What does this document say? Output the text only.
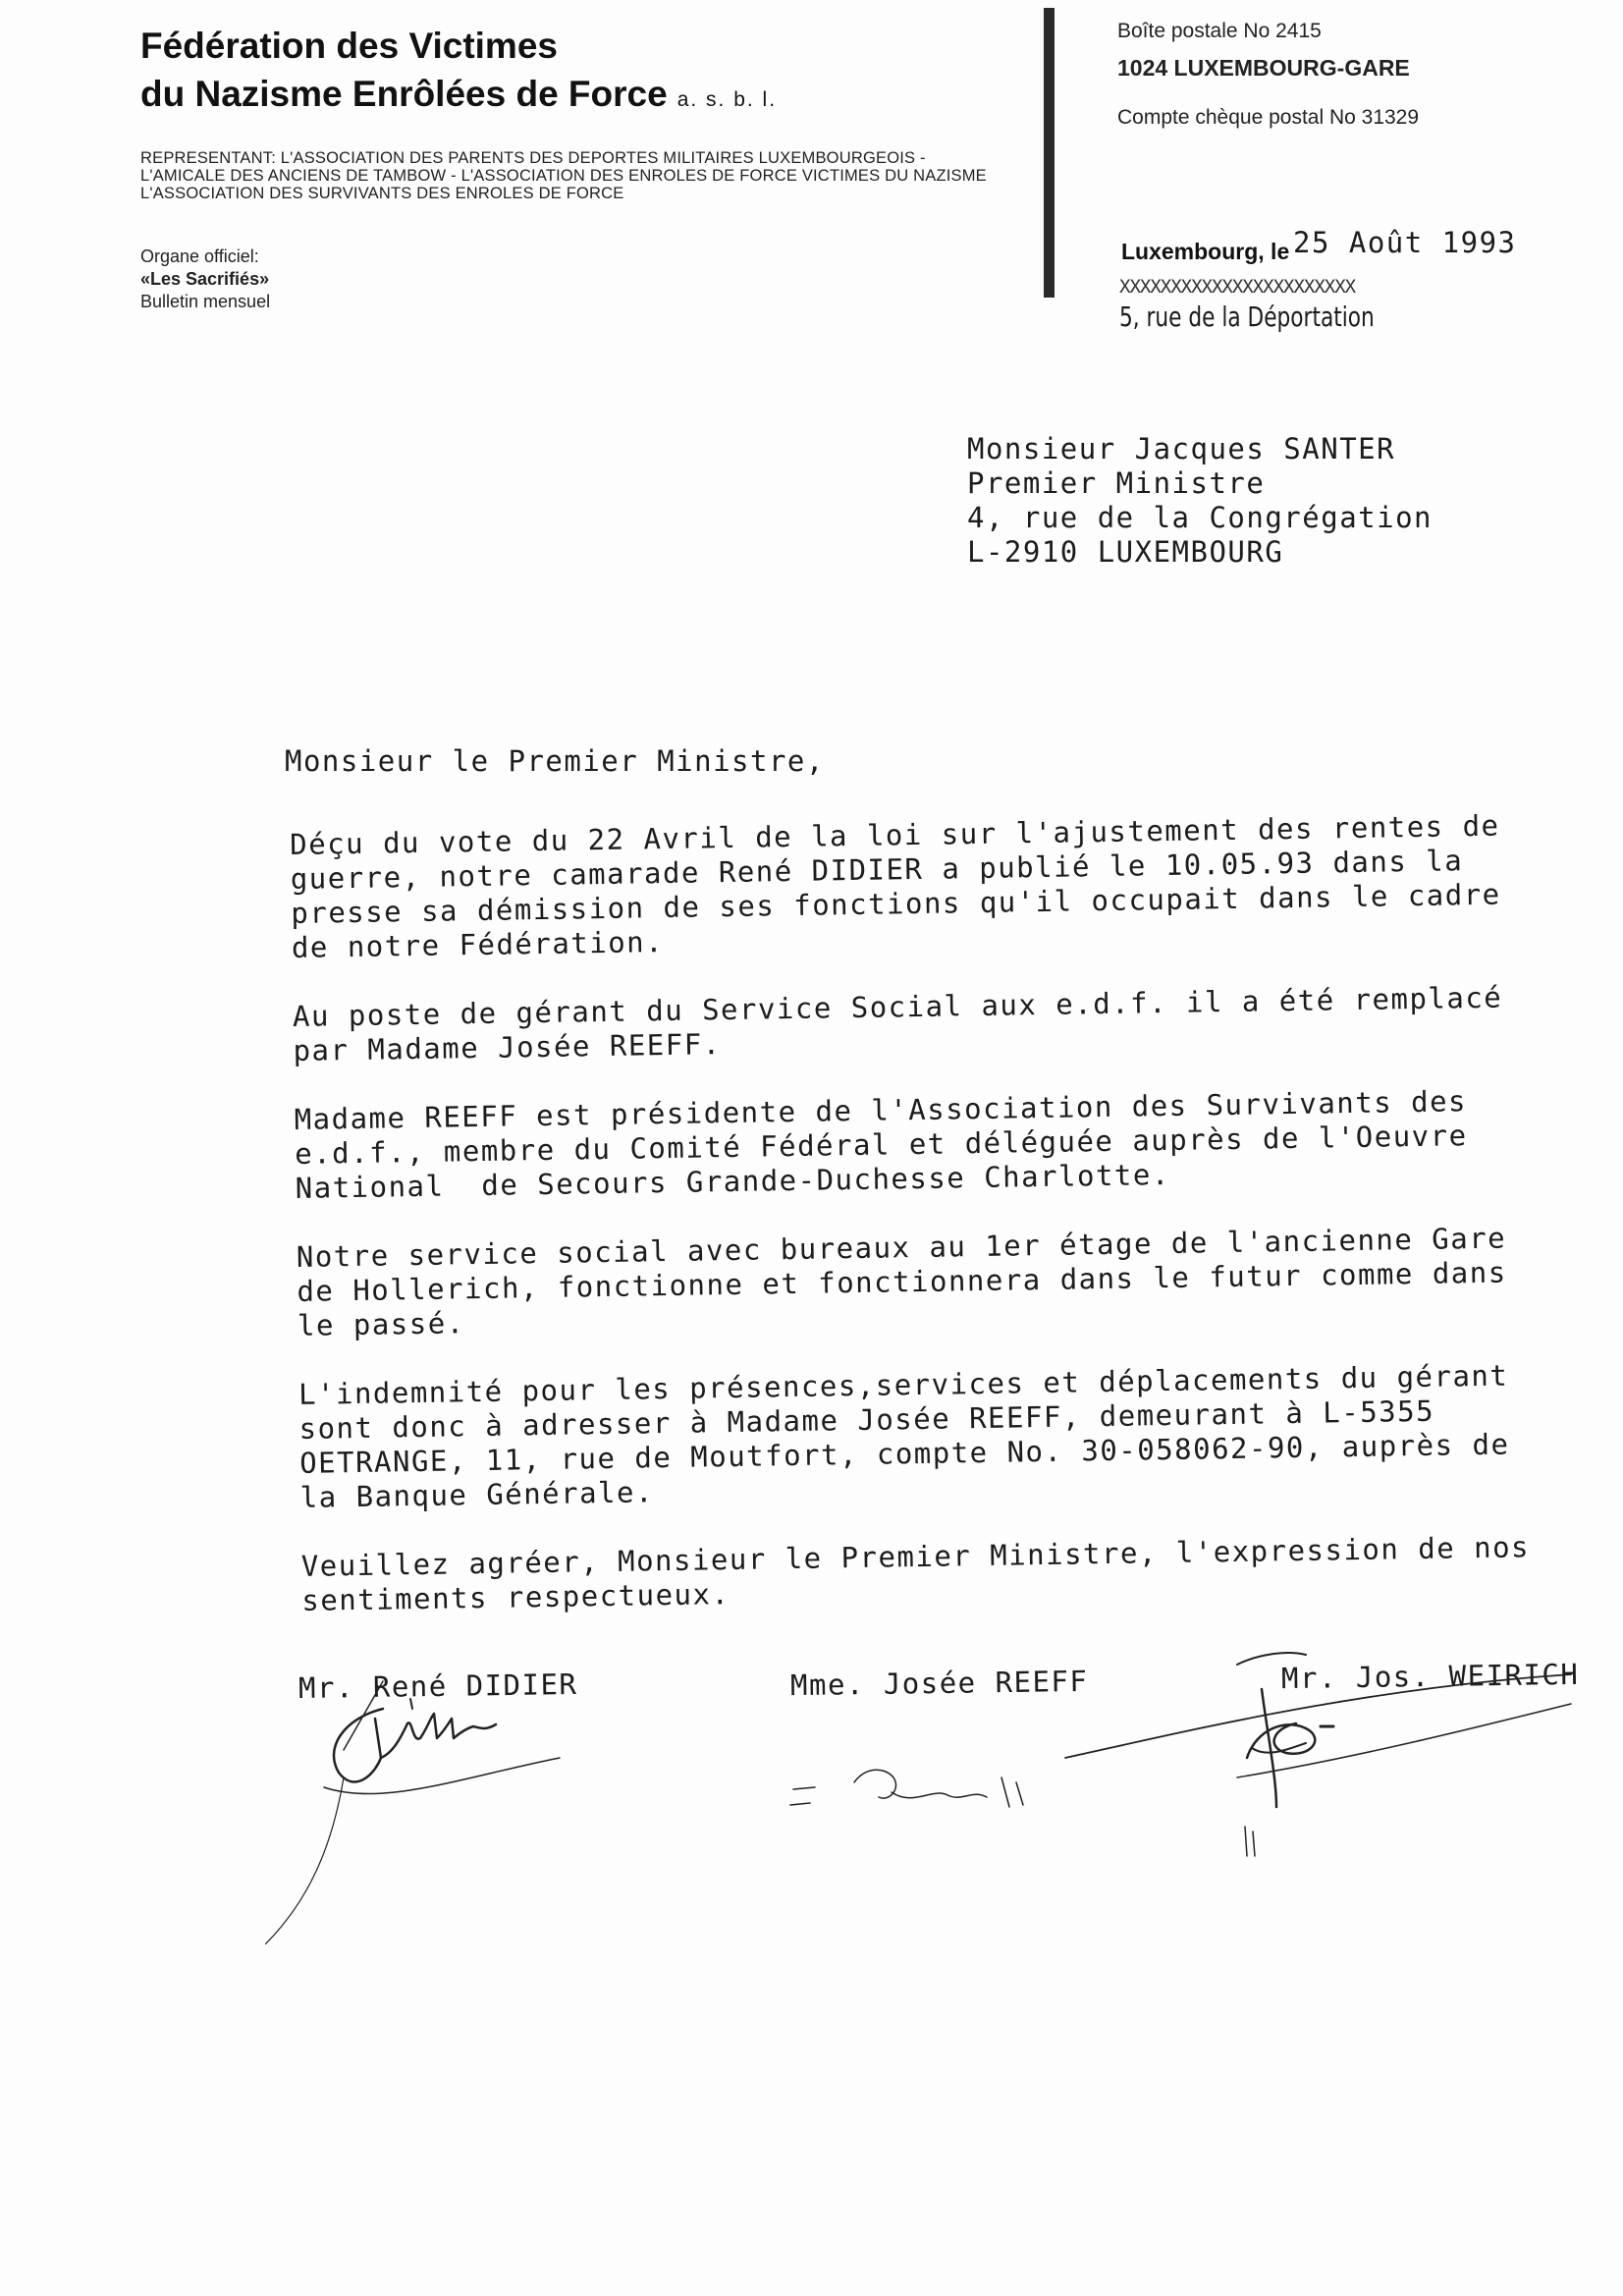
Fédération des Victimes
du Nazisme Enrôlées de Force a. s. b. l.
REPRESENTANT: L'ASSOCIATION DES PARENTS DES DEPORTES MILITAIRES LUXEMBOURGEOIS -
L'AMICALE DES ANCIENS DE TAMBOW - L'ASSOCIATION DES ENROLES DE FORCE VICTIMES DU NAZISME
L'ASSOCIATION DES SURVIVANTS DES ENROLES DE FORCE
Organe officiel:
«Les Sacrifiés»
Bulletin mensuel
Boîte postale No 2415
1024 LUXEMBOURG-GARE
Compte chèque postal No 31329
Luxembourg, le 25 Août 1993
XXXXXXXXXXXXXXXXXXXXXXX
5, rue de la Déportation
Monsieur Jacques SANTER
Premier Ministre
4, rue de la Congrégation
L-2910 LUXEMBOURG
Monsieur le Premier Ministre,

Déçu du vote du 22 Avril de la loi sur l'ajustement des rentes de
guerre, notre camarade René DIDIER a publié le 10.05.93 dans la
presse sa démission de ses fonctions qu'il occupait dans le cadre
de notre Fédération.

Au poste de gérant du Service Social aux e.d.f. il a été remplacé
par Madame Josée REEFF.

Madame REEFF est présidente de l'Association des Survivants des
e.d.f., membre du Comité Fédéral et déléguée auprès de l'Oeuvre
National  de Secours Grande-Duchesse Charlotte.

Notre service social avec bureaux au 1er étage de l'ancienne Gare
de Hollerich, fonctionne et fonctionnera dans le futur comme dans
le passé.

L'indemnité pour les présences,services et déplacements du gérant
sont donc à adresser à Madame Josée REEFF, demeurant à L-5355
OETRANGE, 11, rue de Moutfort, compte No. 30-058062-90, auprès de
la Banque Générale.

Veuillez agréer, Monsieur le Premier Ministre, l'expression de nos
sentiments respectueux.

Mr. René DIDIER	Mme. Josée REEFF	Mr. Jos. WEIRICH
